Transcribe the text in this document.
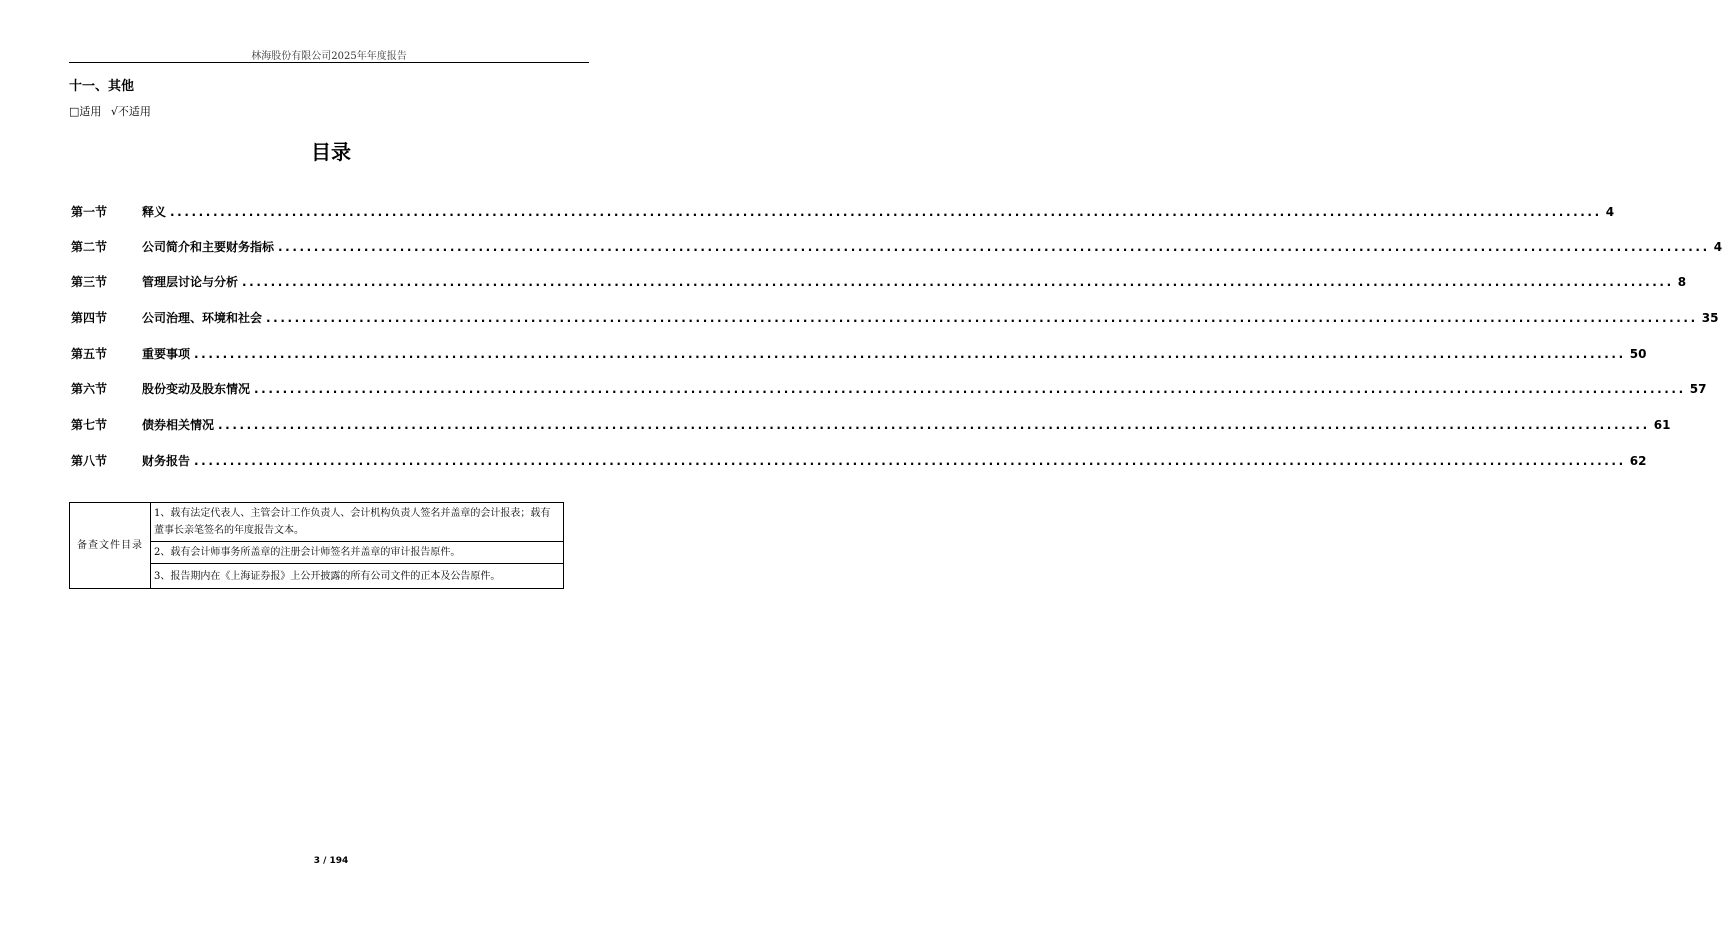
林海股份有限公司2025年年度报告
十一、其他
□适用 √不适用
目录
第一节	释义 ........................................................................................................................................................................................................ 4
第二节	公司简介和主要财务指标 ........................................................................................................................................................................................................ 4
第三节	管理层讨论与分析 ........................................................................................................................................................................................................ 8
第四节	公司治理、环境和社会 ........................................................................................................................................................................................................ 35
第五节	重要事项 ........................................................................................................................................................................................................ 50
第六节	股份变动及股东情况 ........................................................................................................................................................................................................ 57
第七节	债券相关情况 ........................................................................................................................................................................................................ 61
第八节	财务报告 ........................................................................................................................................................................................................ 62
备查文件目录	1、载有法定代表人、主管会计工作负责人、会计机构负责人签名并盖章的会计报表；载有董事长亲笔签名的年度报告文本。
2、载有会计师事务所盖章的注册会计师签名并盖章的审计报告原件。
3、报告期内在《上海证券报》上公开披露的所有公司文件的正本及公告原件。
3 / 194
